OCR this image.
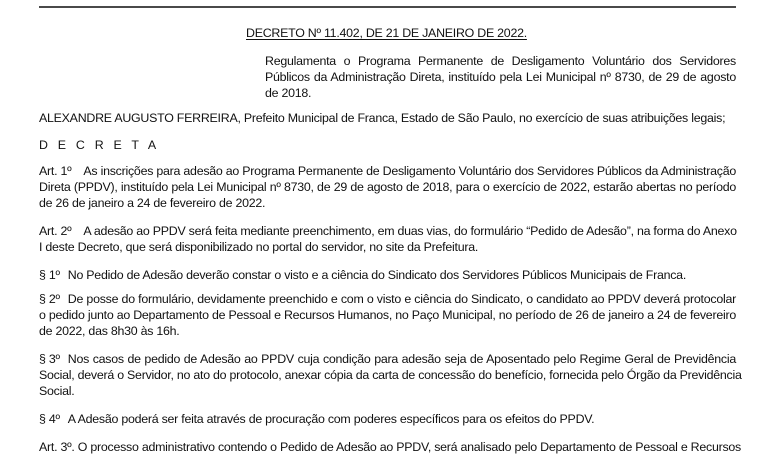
DECRETO Nº 11.402, DE 21 DE JANEIRO DE 2022.
Regulamenta o Programa Permanente de Desligamento Voluntário dos Servidores
Públicos da Administração Direta, instituído pela Lei Municipal nº 8730, de 29 de agosto
de 2018.
ALEXANDRE AUGUSTO FERREIRA, Prefeito Municipal de Franca, Estado de São Paulo, no exercício de suas atribuições legais;
D E C R E T A
Art. 1º As inscrições para adesão ao Programa Permanente de Desligamento Voluntário dos Servidores Públicos da Administração
Direta (PPDV), instituído pela Lei Municipal nº 8730, de 29 de agosto de 2018, para o exercício de 2022, estarão abertas no período
de 26 de janeiro a 24 de fevereiro de 2022.
Art. 2º A adesão ao PPDV será feita mediante preenchimento, em duas vias, do formulário “Pedido de Adesão”, na forma do Anexo
I deste Decreto, que será disponibilizado no portal do servidor, no site da Prefeitura.
§ 1º No Pedido de Adesão deverão constar o visto e a ciência do Sindicato dos Servidores Públicos Municipais de Franca.
§ 2º De posse do formulário, devidamente preenchido e com o visto e ciência do Sindicato, o candidato ao PPDV deverá protocolar
o pedido junto ao Departamento de Pessoal e Recursos Humanos, no Paço Municipal, no período de 26 de janeiro a 24 de fevereiro
de 2022, das 8h30 às 16h.
§ 3º Nos casos de pedido de Adesão ao PPDV cuja condição para adesão seja de Aposentado pelo Regime Geral de Previdência
Social, deverá o Servidor, no ato do protocolo, anexar cópia da carta de concessão do benefício, fornecida pelo Órgão da Previdência
Social.
§ 4º A Adesão poderá ser feita através de procuração com poderes específicos para os efeitos do PPDV.
Art. 3º. O processo administrativo contendo o Pedido de Adesão ao PPDV, será analisado pelo Departamento de Pessoal e Recursos
